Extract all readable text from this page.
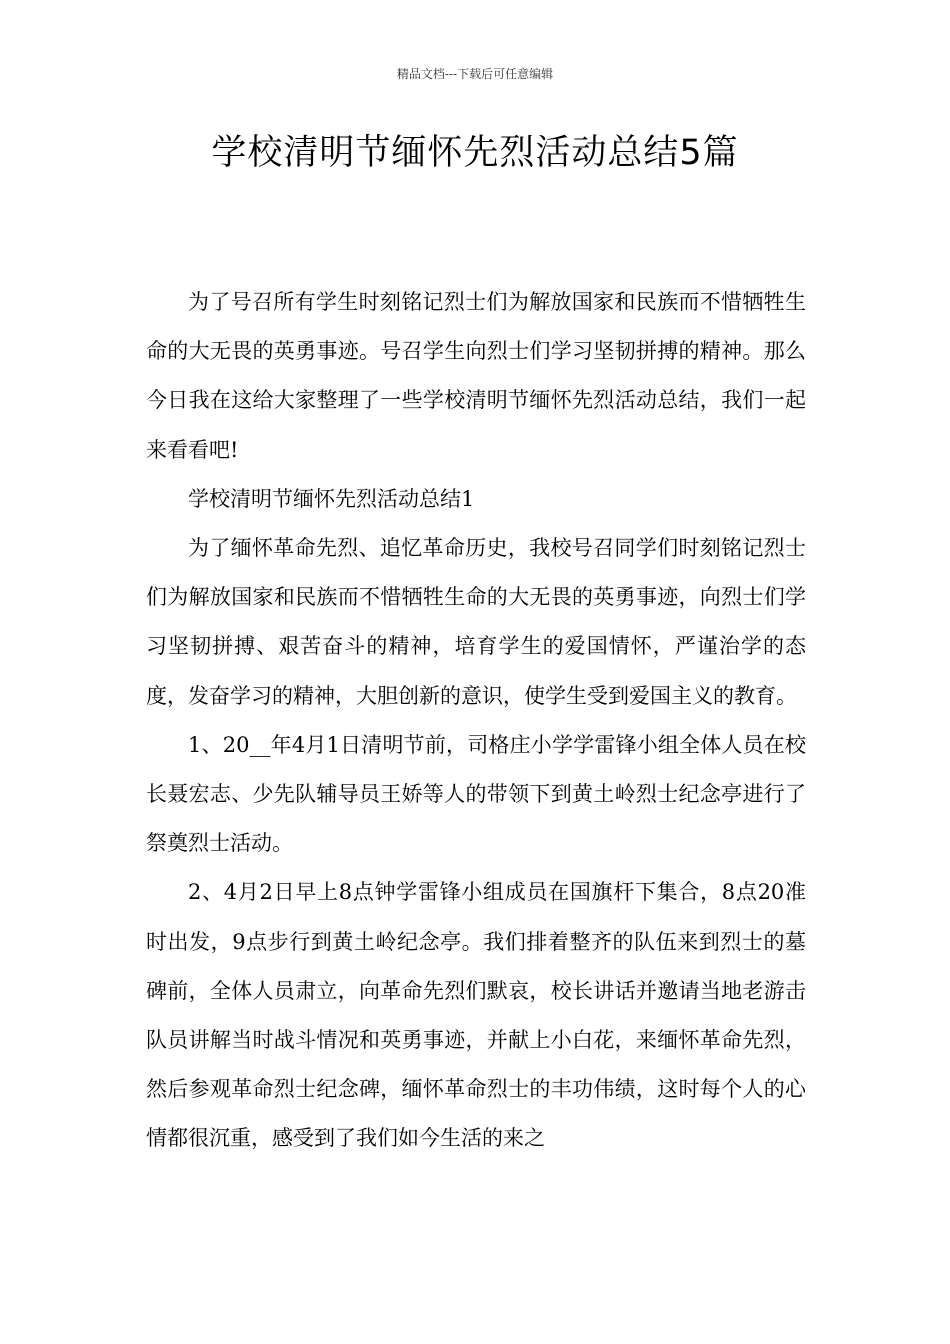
精品文档---下载后可任意编辑
学校清明节缅怀先烈活动总结5篇

为了号召所有学生时刻铭记烈士们为解放国家和民族而不惜牺牲生命的大无畏的英勇事迹。号召学生向烈士们学习坚韧拼搏的精神。那么今日我在这给大家整理了一些学校清明节缅怀先烈活动总结，我们一起来看看吧!

学校清明节缅怀先烈活动总结1

为了缅怀革命先烈、追忆革命历史，我校号召同学们时刻铭记烈士们为解放国家和民族而不惜牺牲生命的大无畏的英勇事迹，向烈士们学习坚韧拼搏、艰苦奋斗的精神，培育学生的爱国情怀，严谨治学的态度，发奋学习的精神，大胆创新的意识，使学生受到爱国主义的教育。

1、20__年4月1日清明节前，司格庄小学学雷锋小组全体人员在校长聂宏志、少先队辅导员王娇等人的带领下到黄土岭烈士纪念亭进行了祭奠烈士活动。

2、4月2日早上8点钟学雷锋小组成员在国旗杆下集合，8点20准时出发，9点步行到黄土岭纪念亭。我们排着整齐的队伍来到烈士的墓碑前，全体人员肃立，向革命先烈们默哀，校长讲话并邀请当地老游击队员讲解当时战斗情况和英勇事迹，并献上小白花，来缅怀革命先烈，然后参观革命烈士纪念碑，缅怀革命烈士的丰功伟绩，这时每个人的心情都很沉重，感受到了我们如今生活的来之
